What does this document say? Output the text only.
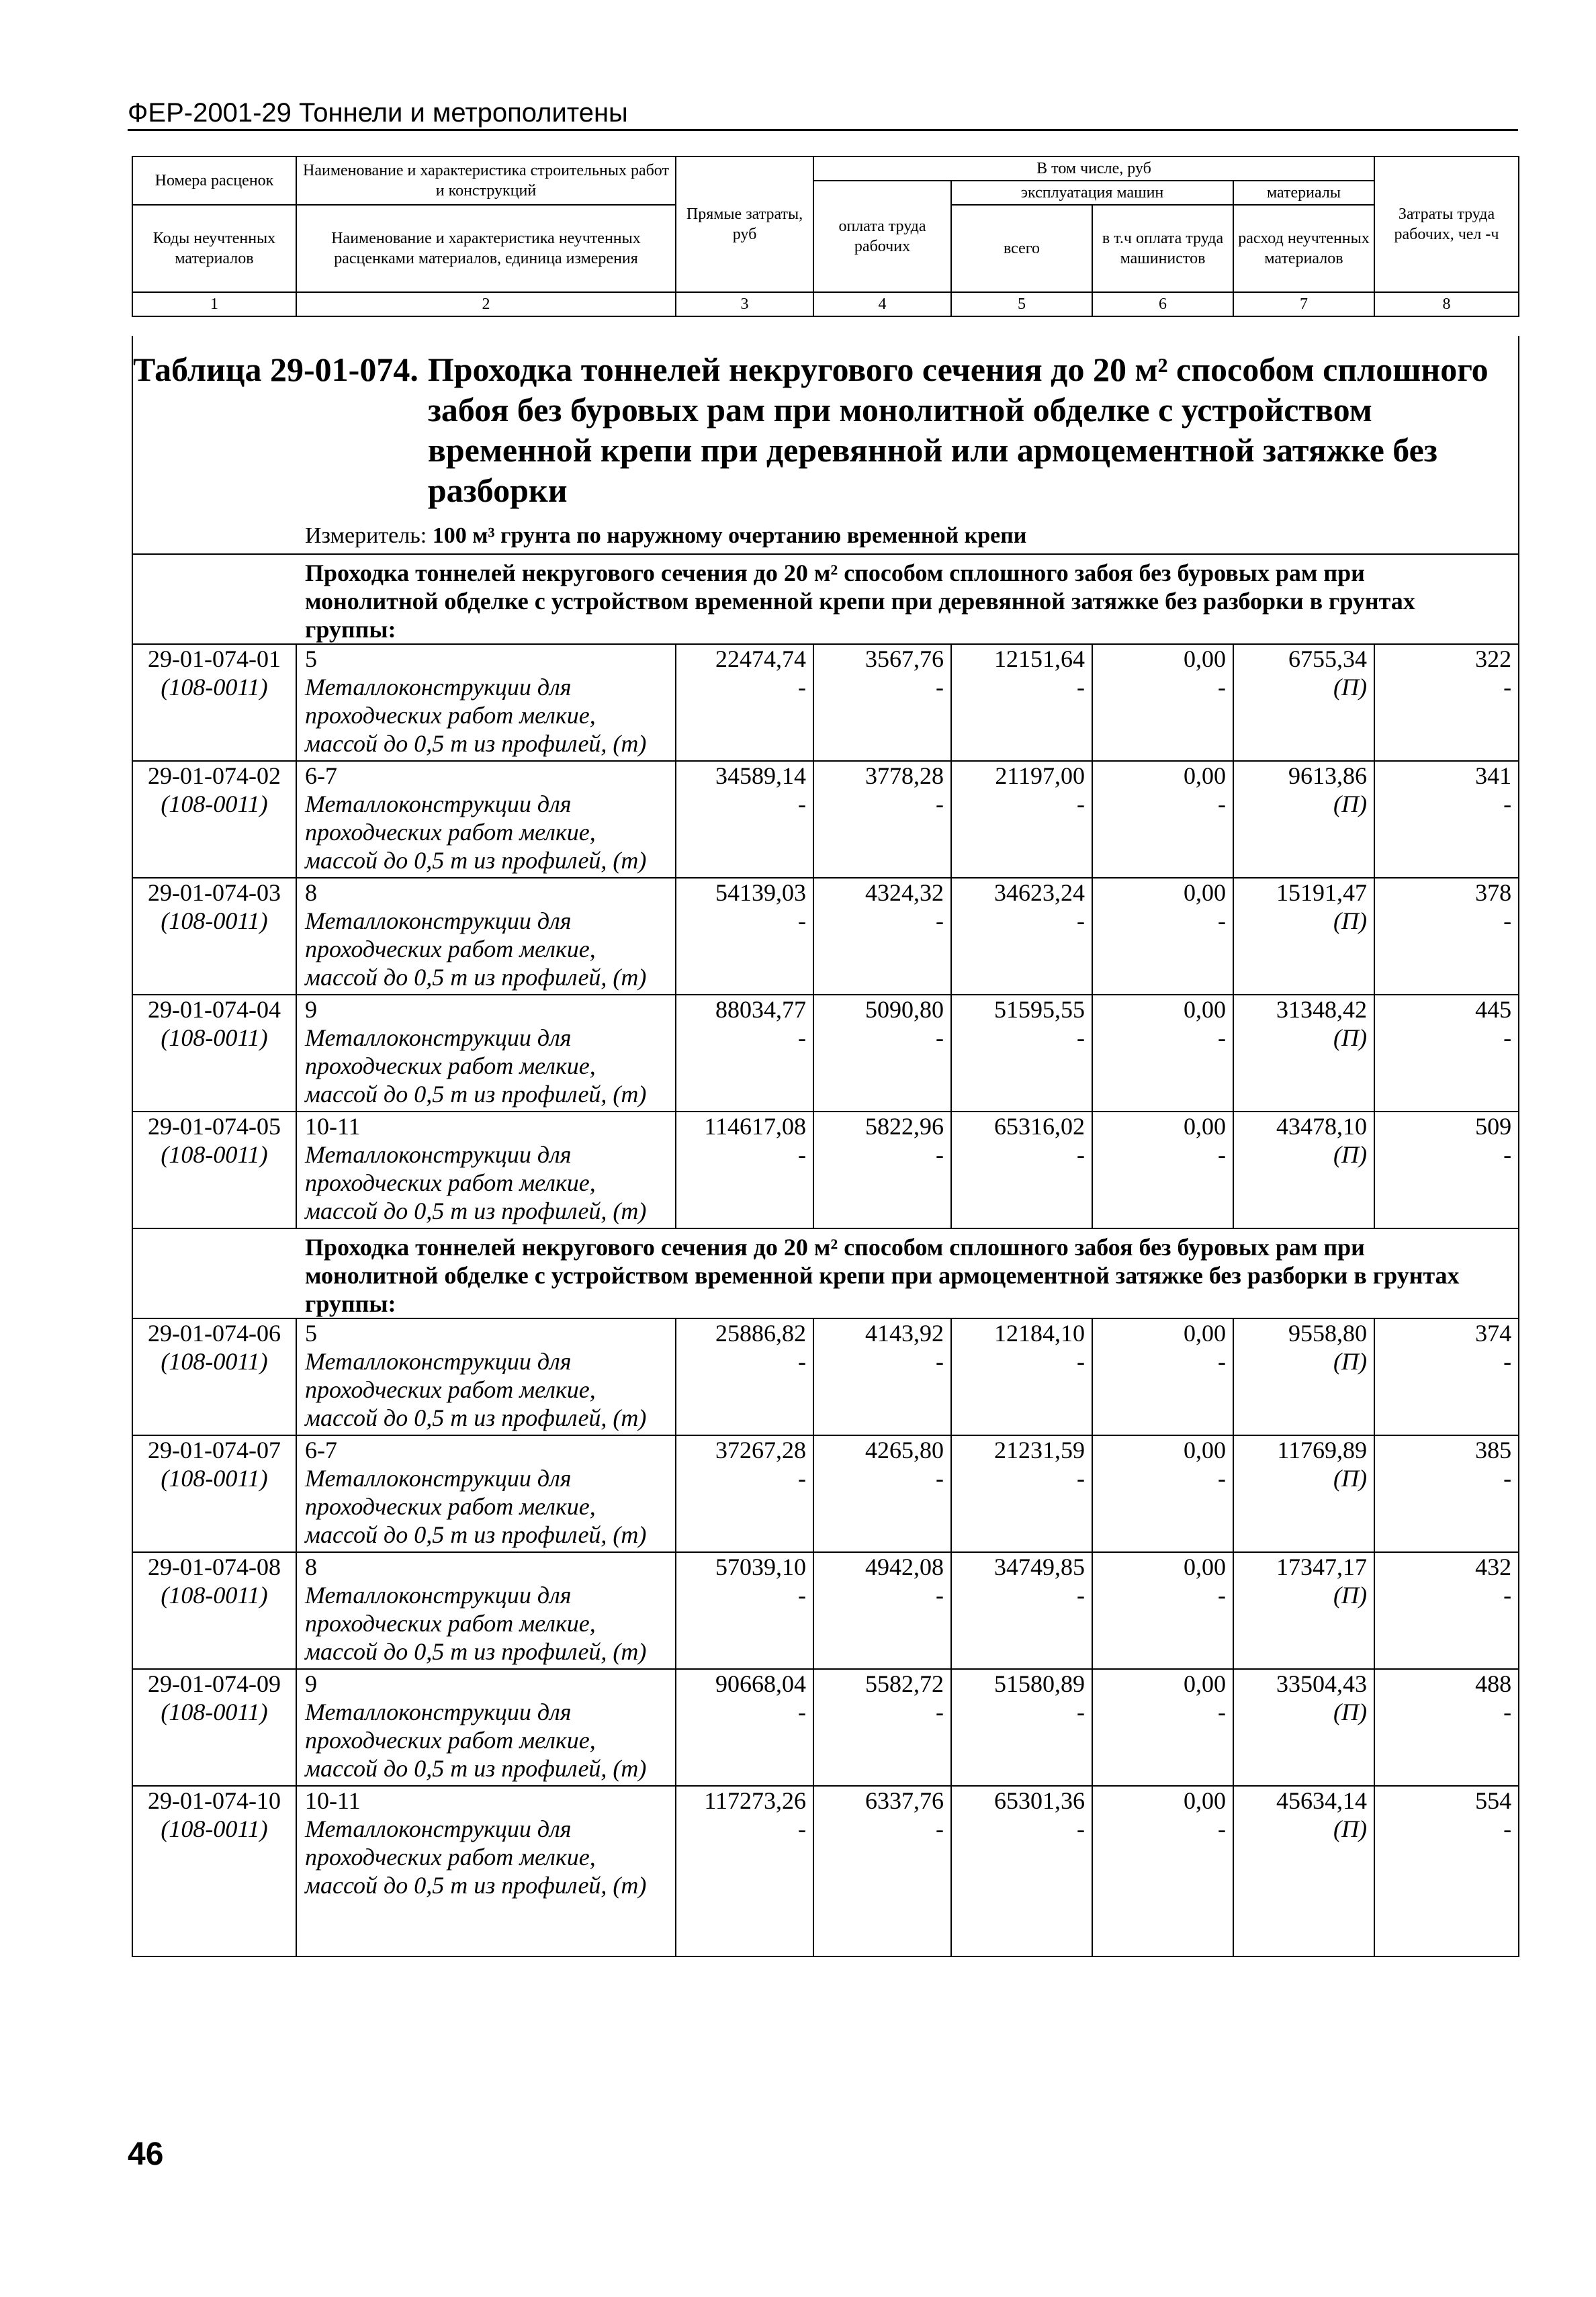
ФЕР-2001-29 Тоннели и метрополитены
Номера расценок	Наименование и характеристика строительных работ и конструкций	Прямые затраты, руб	В том числе, руб				Затраты труда рабочих, чел -ч
			оплата труда рабочих	эксплуатация машин		материалы	
Коды неучтенных материалов	Наименование и характеристика неучтенных расценками материалов, единица измерения			всего	в т.ч оплата труда машинистов	расход неучтенных материалов	

1	2	3	4	5	6	7	8
Таблица 29-01-074. Проходка тоннелей некругового сечения до 20 м² способом сплошного забоя без буровых рам при монолитной обделке с устройством временной крепи при деревянной или армоцементной затяжке без разборки
Измеритель: 100 м³ грунта по наружному очертанию временной крепи							

Проходка тоннелей некругового сечения до 20 м² способом сплошного забоя без буровых рам при монолитной обделке с устройством временной крепи при деревянной затяжке без разборки в грунтах группы:							
29-01-074-01	5	22474,74	3567,76	12151,64	0,00	6755,34	322
(108-0011)	Металлоконструкции для проходческих работ мелкие, массой до 0,5 т из профилей, (т)	-	-	-	-	(П)	-
29-01-074-02	6-7	34589,14	3778,28	21197,00	0,00	9613,86	341
(108-0011)	Металлоконструкции для проходческих работ мелкие, массой до 0,5 т из профилей, (т)	-	-	-	-	(П)	-
29-01-074-03	8	54139,03	4324,32	34623,24	0,00	15191,47	378
(108-0011)	Металлоконструкции для проходческих работ мелкие, массой до 0,5 т из профилей, (т)	-	-	-	-	(П)	-
29-01-074-04	9	88034,77	5090,80	51595,55	0,00	31348,42	445
(108-0011)	Металлоконструкции для проходческих работ мелкие, массой до 0,5 т из профилей, (т)	-	-	-	-	(П)	-
29-01-074-05	10-11	114617,08	5822,96	65316,02	0,00	43478,10	509
(108-0011)	Металлоконструкции для проходческих работ мелкие, массой до 0,5 т из профилей, (т)	-	-	-	-	(П)	-
Проходка тоннелей некругового сечения до 20 м² способом сплошного забоя без буровых рам при монолитной обделке с устройством временной крепи при армоцементной затяжке без разборки в грунтах группы:							
29-01-074-06	5	25886,82	4143,92	12184,10	0,00	9558,80	374
(108-0011)	Металлоконструкции для проходческих работ мелкие, массой до 0,5 т из профилей, (т)	-	-	-	-	(П)	-
29-01-074-07	6-7	37267,28	4265,80	21231,59	0,00	11769,89	385
(108-0011)	Металлоконструкции для проходческих работ мелкие, массой до 0,5 т из профилей, (т)	-	-	-	-	(П)	-
29-01-074-08	8	57039,10	4942,08	34749,85	0,00	17347,17	432
(108-0011)	Металлоконструкции для проходческих работ мелкие, массой до 0,5 т из профилей, (т)	-	-	-	-	(П)	-
29-01-074-09	9	90668,04	5582,72	51580,89	0,00	33504,43	488
(108-0011)	Металлоконструкции для проходческих работ мелкие, массой до 0,5 т из профилей, (т)	-	-	-	-	(П)	-
29-01-074-10	10-11	117273,26	6337,76	65301,36	0,00	45634,14	554
(108-0011)	Металлоконструкции для проходческих работ мелкие, массой до 0,5 т из профилей, (т)	-	-	-	-	(П)	-

46
